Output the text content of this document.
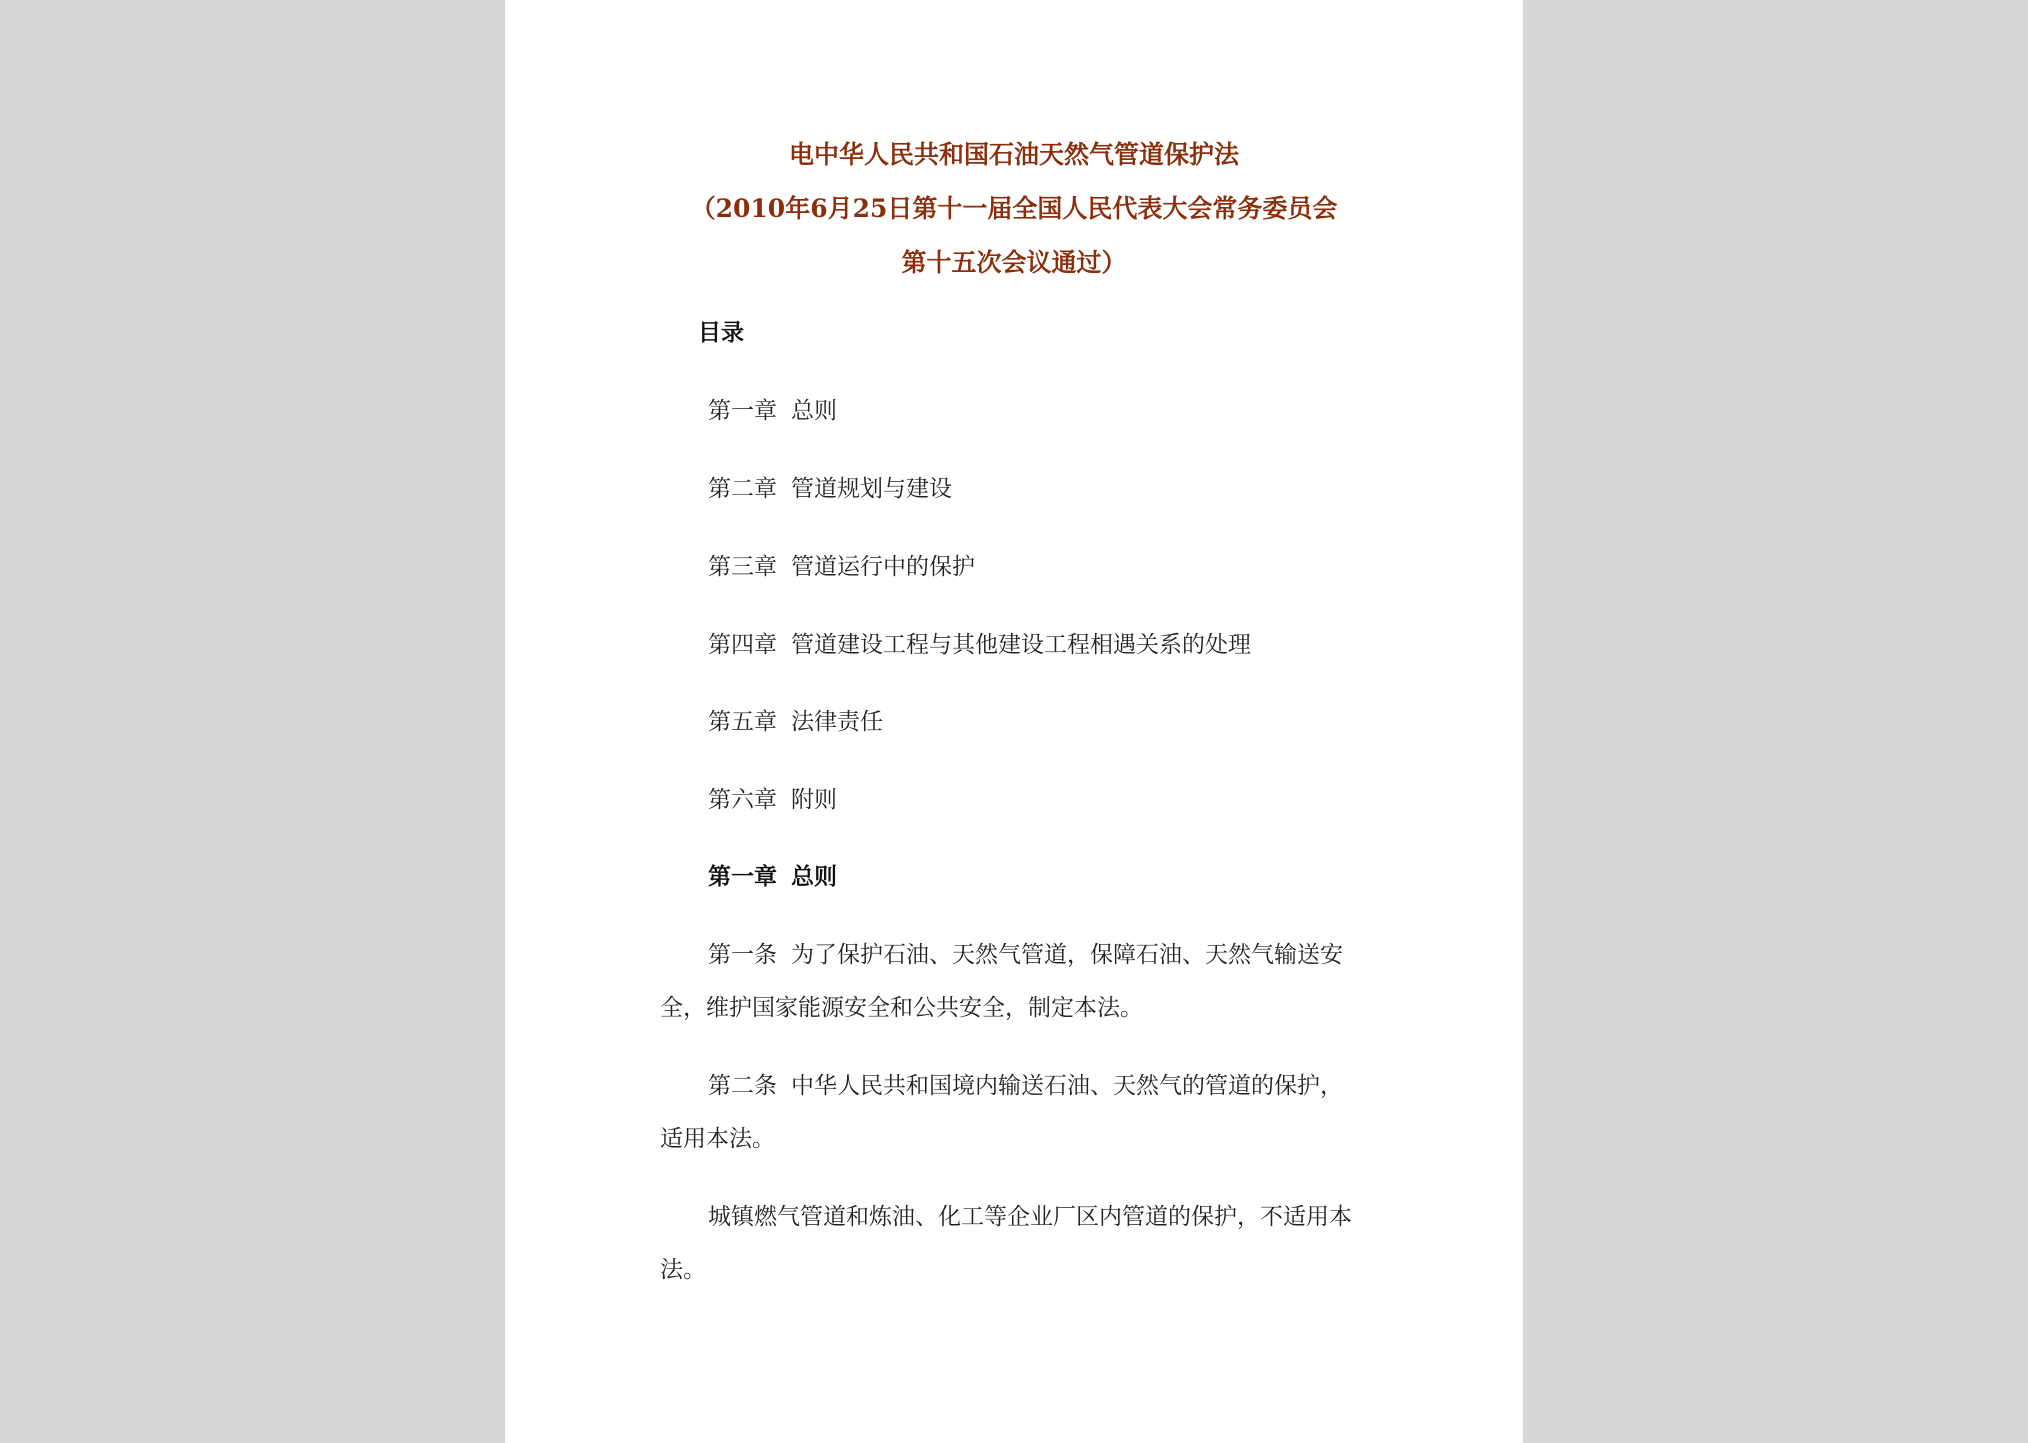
电中华人民共和国石油天然气管道保护法
（2010年6月25日第十一届全国人民代表大会常务委员会
第十五次会议通过）
目录
第一章 总则
第二章 管道规划与建设
第三章 管道运行中的保护
第四章 管道建设工程与其他建设工程相遇关系的处理
第五章 法律责任
第六章 附则
第一章 总则
第一条 为了保护石油、天然气管道，保障石油、天然气输送安
全，维护国家能源安全和公共安全，制定本法。
第二条 中华人民共和国境内输送石油、天然气的管道的保护，
适用本法。
城镇燃气管道和炼油、化工等企业厂区内管道的保护，不适用本
法。
